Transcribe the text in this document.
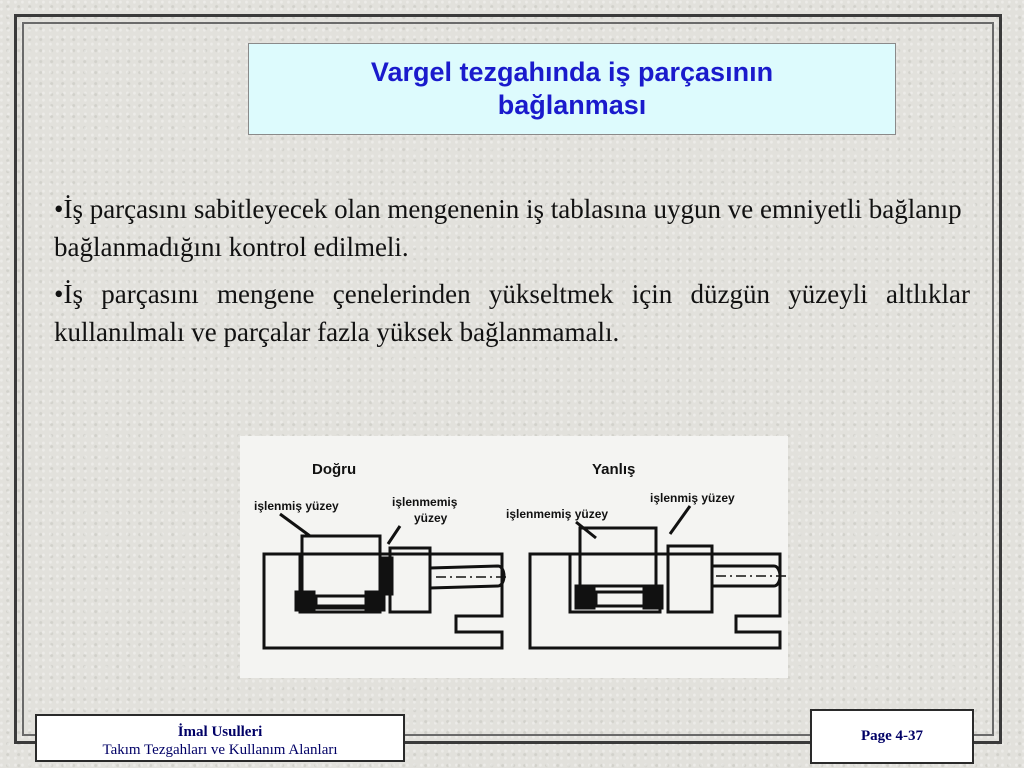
Vargel tezgahında iş parçasının bağlanması
•İş parçasını sabitleyecek olan mengenenin iş tablasına uygun ve emniyetli bağlanıp bağlanmadığını kontrol edilmeli.
•İş parçasını mengene çenelerinden yükseltmek için düzgün yüzeyli altlıklar kullanılmalı ve parçalar fazla yüksek bağlanmamalı.
Doğru
işlenmiş yüzey	işlenmemiş
yüzey
Yanlış
işlenmemiş yüzey
işlenmiş yüzey
İmal Usulleri
Takım Tezgahları ve Kullanım Alanları
Page 4-37
